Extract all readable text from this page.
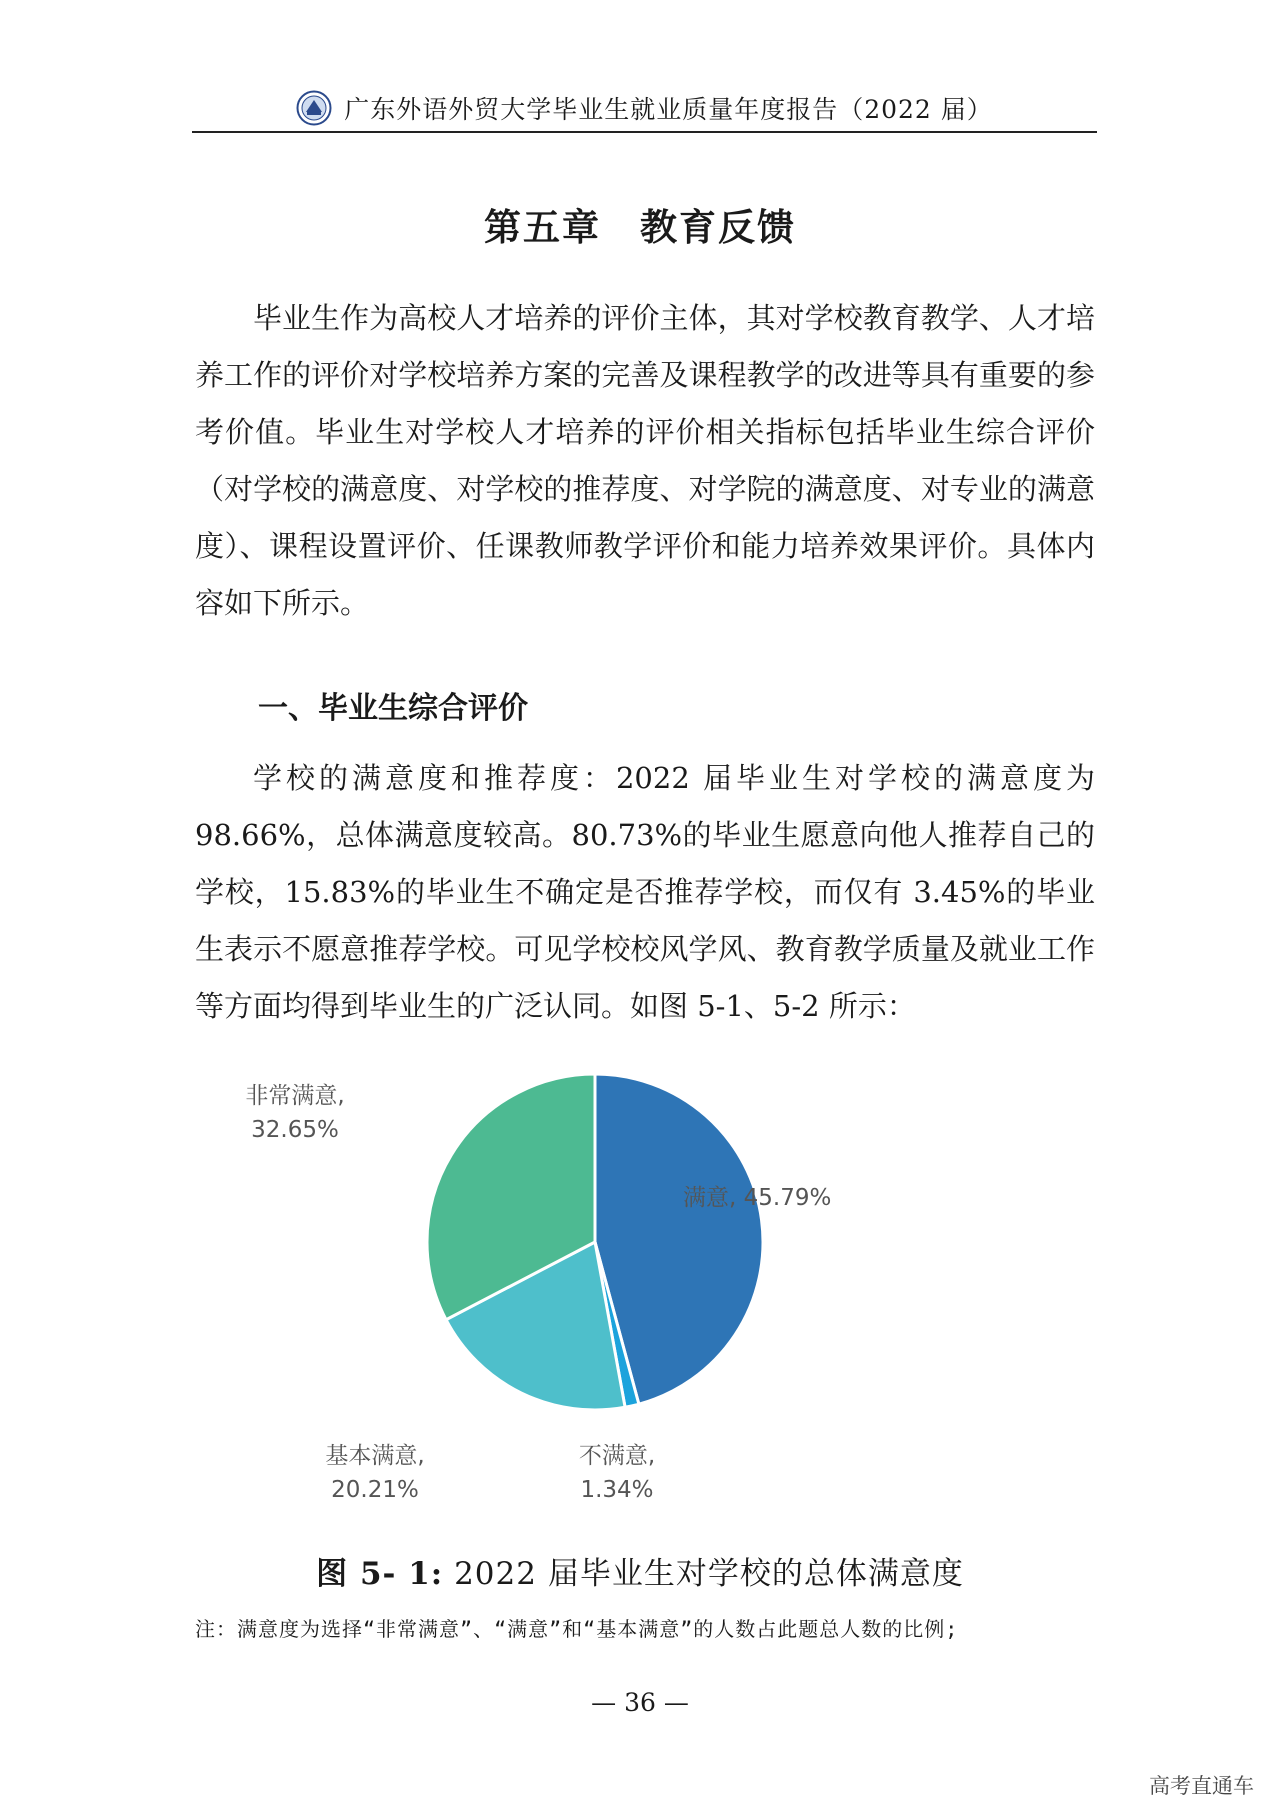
广东外语外贸大学毕业生就业质量年度报告（2022 届）
第五章　教育反馈

毕业生作为高校人才培养的评价主体，其对学校教育教学、人才培养工作的评价对学校培养方案的完善及课程教学的改进等具有重要的参考价值。毕业生对学校人才培养的评价相关指标包括毕业生综合评价（对学校的满意度、对学校的推荐度、对学院的满意度、对专业的满意度）、课程设置评价、任课教师教学评价和能力培养效果评价。具体内容如下所示。

一、毕业生综合评价

学校的满意度和推荐度：2022 届毕业生对学校的满意度为 98.66%，总体满意度较高。80.73%的毕业生愿意向他人推荐自己的学校，15.83%的毕业生不确定是否推荐学校，而仅有 3.45%的毕业生表示不愿意推荐学校。可见学校校风学风、教育教学质量及就业工作等方面均得到毕业生的广泛认同。如图 5-1、5-2 所示：

满意, 45.79%
不满意, 1.34%
基本满意, 20.21%
非常满意, 32.65%
图 5- 1: 2022 届毕业生对学校的总体满意度
注：满意度为选择“非常满意”、“满意”和“基本满意”的人数占此题总人数的比例;
— 36 —
高考直通车
